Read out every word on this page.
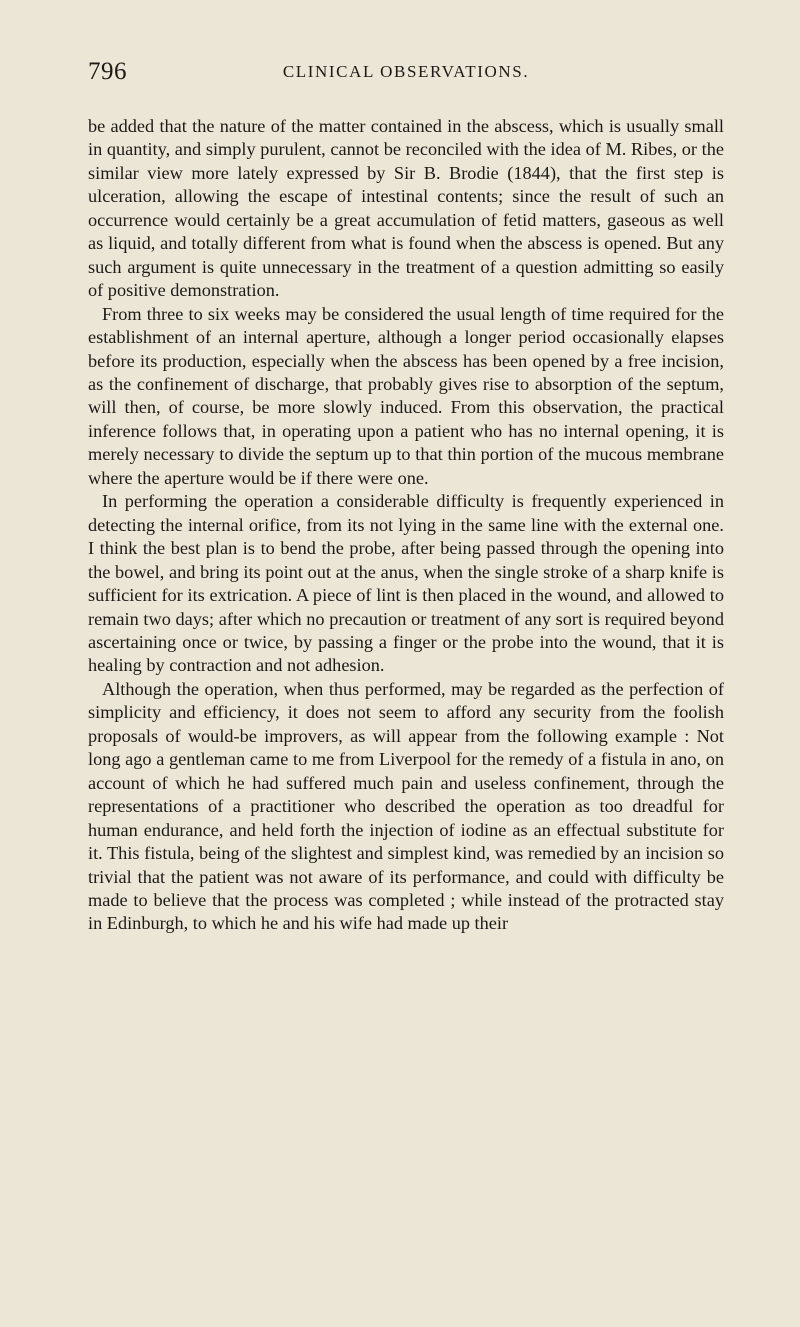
796	CLINICAL OBSERVATIONS.

be added that the nature of the matter contained in the abscess, which is usually small in quantity, and simply purulent, cannot be reconciled with the idea of M. Ribes, or the similar view more lately expressed by Sir B. Brodie (1844), that the first step is ulceration, allowing the escape of intestinal contents; since the result of such an occurrence would certainly be a great accumulation of fetid matters, gaseous as well as liquid, and totally different from what is found when the abscess is opened. But any such argument is quite unnecessary in the treatment of a question admitting so easily of positive demonstration.

From three to six weeks may be considered the usual length of time required for the establishment of an internal aperture, although a longer period occasionally elapses before its production, especially when the abscess has been opened by a free incision, as the confinement of discharge, that probably gives rise to absorption of the septum, will then, of course, be more slowly induced. From this observation, the practical inference follows that, in operating upon a patient who has no internal opening, it is merely necessary to divide the septum up to that thin portion of the mucous membrane where the aperture would be if there were one.

In performing the operation a considerable difficulty is frequently experienced in detecting the internal orifice, from its not lying in the same line with the external one. I think the best plan is to bend the probe, after being passed through the opening into the bowel, and bring its point out at the anus, when the single stroke of a sharp knife is sufficient for its extrication. A piece of lint is then placed in the wound, and allowed to remain two days; after which no precaution or treatment of any sort is required beyond ascertaining once or twice, by passing a finger or the probe into the wound, that it is healing by contraction and not adhesion.

Although the operation, when thus performed, may be regarded as the perfection of simplicity and efficiency, it does not seem to afford any security from the foolish proposals of would-be improvers, as will appear from the following example : Not long ago a gentleman came to me from Liverpool for the remedy of a fistula in ano, on account of which he had suffered much pain and useless confinement, through the representations of a practitioner who described the operation as too dreadful for human endurance, and held forth the injection of iodine as an effectual substitute for it. This fistula, being of the slightest and simplest kind, was remedied by an incision so trivial that the patient was not aware of its performance, and could with difficulty be made to believe that the process was completed ; while instead of the protracted stay in Edinburgh, to which he and his wife had made up their
